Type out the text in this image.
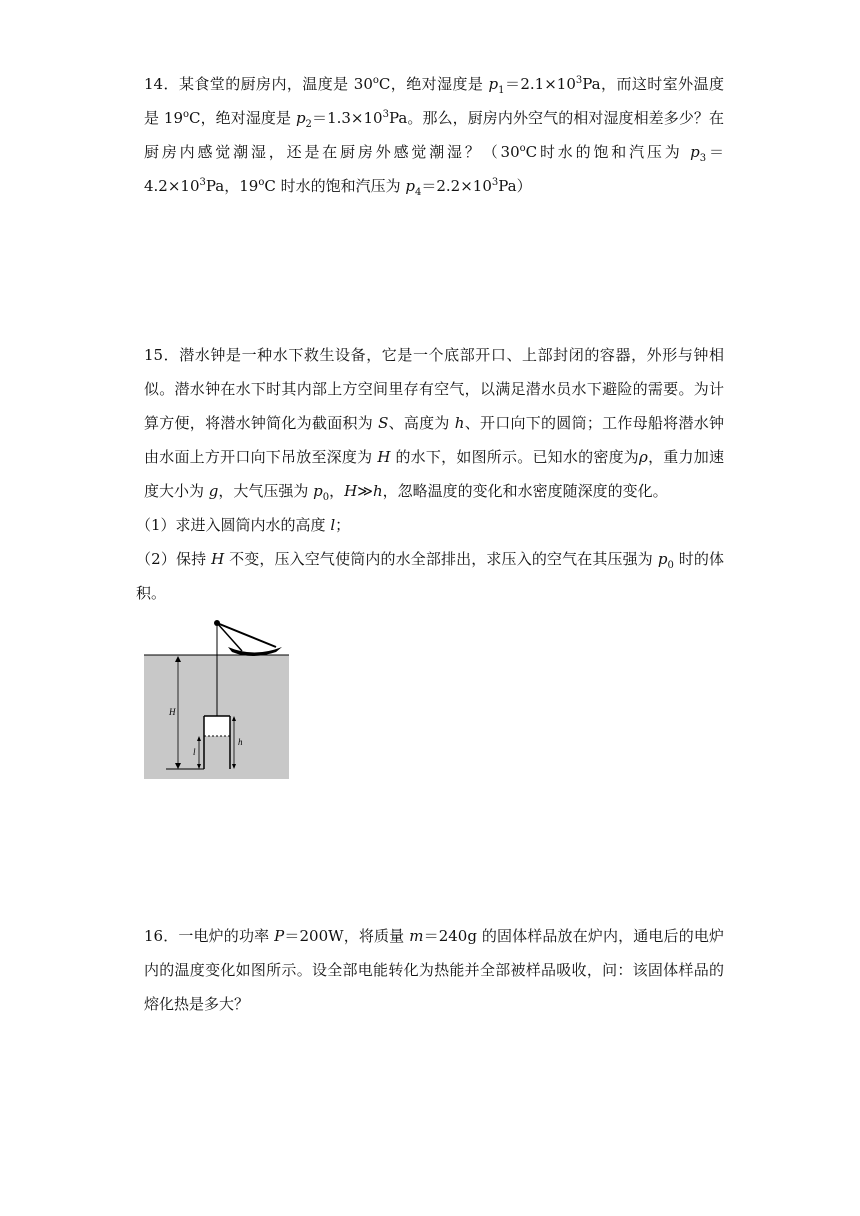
14．某食堂的厨房内，温度是 30$^o$C，绝对湿度是 $p_1=2.1\times 10^3Pa$，而这时室外温度是 19$^o$C，绝对湿度是 $p_2=1.3\times 10^3Pa$。那么，厨房内外空气的相对湿度相差多少？在厨房内感觉潮湿，还是在厨房外感觉潮湿？（30$^o$C时水的饱和汽压为 $p_3=4.2\times 10^3Pa$，19$^o$C 时水的饱和汽压为 $p_4=2.2\times 10^3Pa$）

15．潜水钟是一种水下救生设备，它是一个底部开口、上部封闭的容器，外形与钟相似。潜水钟在水下时其内部上方空间里存有空气，以满足潜水员水下避险的需要。为计算方便，将潜水钟简化为截面积为 S、高度为 h、开口向下的圆筒；工作母船将潜水钟由水面上方开口向下吊放至深度为 H 的水下，如图所示。已知水的密度为ρ，重力加速度大小为 g，大气压强为 $p_0$，H≫h，忽略温度的变化和水密度随深度的变化。

（1）求进入圆筒内水的高度 l；

（2）保持 H 不变，压入空气使筒内的水全部排出，求压入的空气在其压强为 $p_0$ 时的体积。

H
l
h

16．一电炉的功率 P＝200W，将质量 m＝240g 的固体样品放在炉内，通电后的电炉内的温度变化如图所示。设全部电能转化为热能并全部被样品吸收，问：该固体样品的熔化热是多大？
